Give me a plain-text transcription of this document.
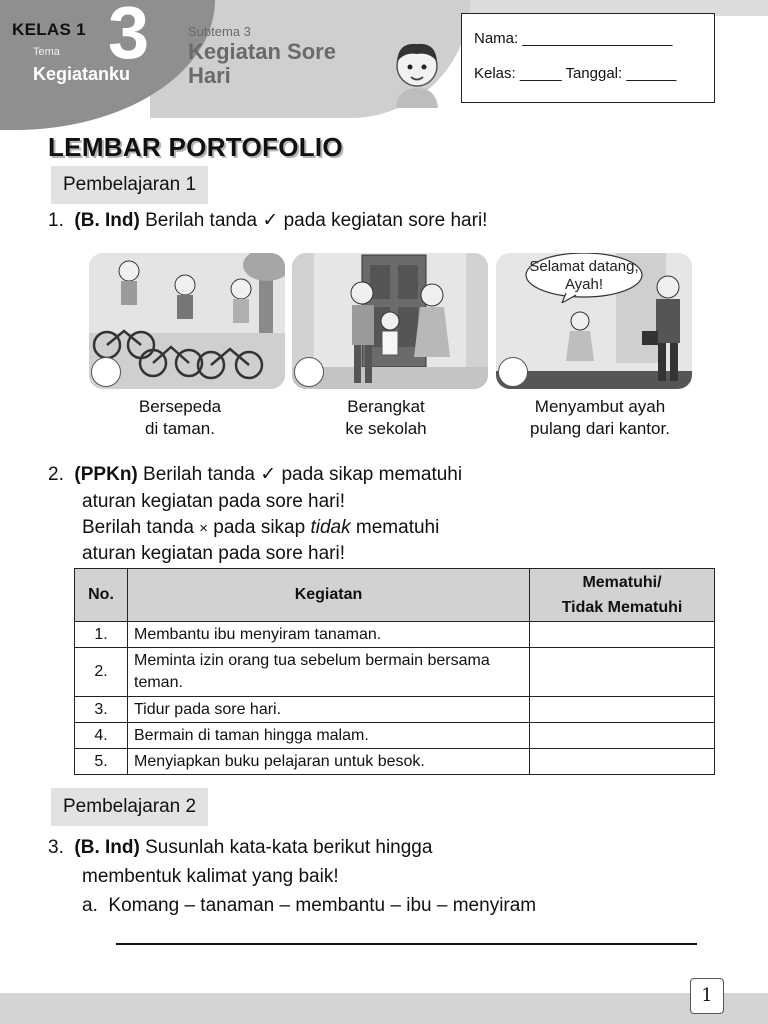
KELAS 1
Tema
Kegiatanku
3	Subtema 3
Kegiatan Sore Hari
Nama: __________________
Kelas: _____ Tanggal: ______
LEMBAR PORTOFOLIO
Pembelajaran 1
1. (B. Ind) Berilah tanda ✓ pada kegiatan sore hari!
Selamat datang, Ayah!
Bersepeda
di taman.
Berangkat
ke sekolah
Menyambut ayah
pulang dari kantor.
2. (PPKn) Berilah tanda ✓ pada sikap mematuhi
aturan kegiatan pada sore hari!
Berilah tanda × pada sikap tidak mematuhi
aturan kegiatan pada sore hari!
No.	Kegiatan	Mematuhi/
Tidak Mematuhi

1.	Membantu ibu menyiram tanaman.	
2.	Meminta izin orang tua sebelum bermain bersama teman.	
3.	Tidur pada sore hari.	
4.	Bermain di taman hingga malam.	
5.	Menyiapkan buku pelajaran untuk besok.	
Pembelajaran 2
3. (B. Ind) Susunlah kata-kata berikut hingga
membentuk kalimat yang baik!
a.  Komang – tanaman – membantu – ibu – menyiram
1
